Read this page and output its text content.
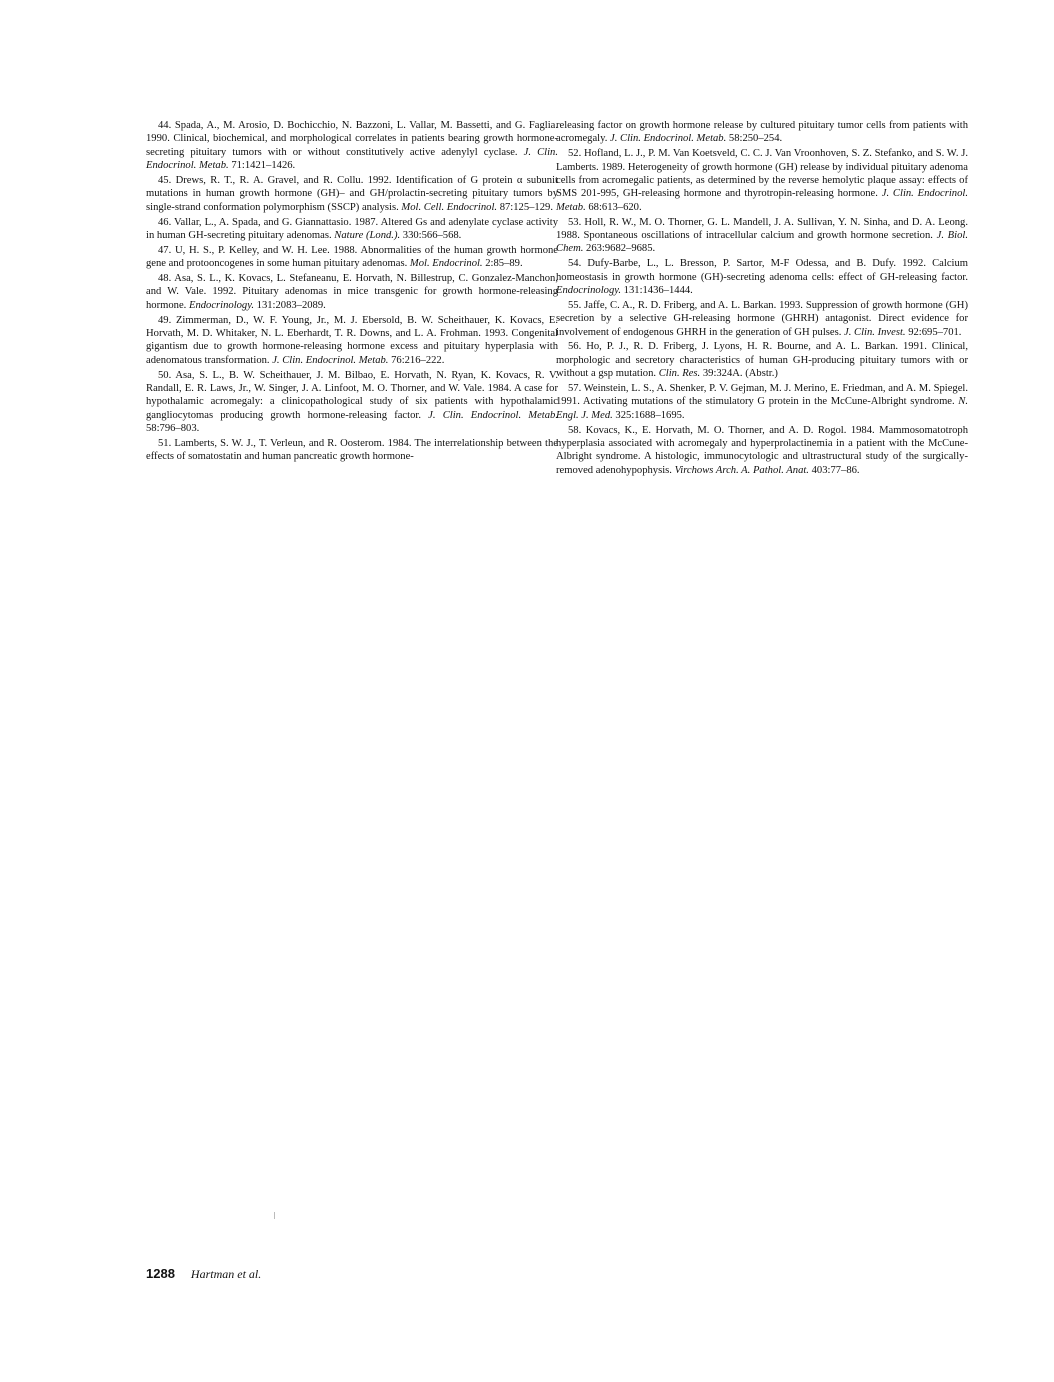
44. Spada, A., M. Arosio, D. Bochicchio, N. Bazzoni, L. Vallar, M. Bassetti, and G. Faglia. 1990. Clinical, biochemical, and morphological correlates in patients bearing growth hormone-secreting pituitary tumors with or without constitutively active adenylyl cyclase. J. Clin. Endocrinol. Metab. 71:1421–1426.

45. Drews, R. T., R. A. Gravel, and R. Collu. 1992. Identification of G protein α subunit mutations in human growth hormone (GH)– and GH/prolactin-secreting pituitary tumors by single-strand conformation polymorphism (SSCP) analysis. Mol. Cell. Endocrinol. 87:125–129.

46. Vallar, L., A. Spada, and G. Giannattasio. 1987. Altered Gs and adenylate cyclase activity in human GH-secreting pituitary adenomas. Nature (Lond.). 330:566–568.

47. U, H. S., P. Kelley, and W. H. Lee. 1988. Abnormalities of the human growth hormone gene and protooncogenes in some human pituitary adenomas. Mol. Endocrinol. 2:85–89.

48. Asa, S. L., K. Kovacs, L. Stefaneanu, E. Horvath, N. Billestrup, C. Gonzalez-Manchon, and W. Vale. 1992. Pituitary adenomas in mice transgenic for growth hormone-releasing hormone. Endocrinology. 131:2083–2089.

49. Zimmerman, D., W. F. Young, Jr., M. J. Ebersold, B. W. Scheithauer, K. Kovacs, E. Horvath, M. D. Whitaker, N. L. Eberhardt, T. R. Downs, and L. A. Frohman. 1993. Congenital gigantism due to growth hormone-releasing hormone excess and pituitary hyperplasia with adenomatous transformation. J. Clin. Endocrinol. Metab. 76:216–222.

50. Asa, S. L., B. W. Scheithauer, J. M. Bilbao, E. Horvath, N. Ryan, K. Kovacs, R. V. Randall, E. R. Laws, Jr., W. Singer, J. A. Linfoot, M. O. Thorner, and W. Vale. 1984. A case for hypothalamic acromegaly: a clinicopathological study of six patients with hypothalamic gangliocytomas producing growth hormone-releasing factor. J. Clin. Endocrinol. Metab. 58:796–803.

51. Lamberts, S. W. J., T. Verleun, and R. Oosterom. 1984. The interrelationship between the effects of somatostatin and human pancreatic growth hormone-

releasing factor on growth hormone release by cultured pituitary tumor cells from patients with acromegaly. J. Clin. Endocrinol. Metab. 58:250–254.

52. Hofland, L. J., P. M. Van Koetsveld, C. C. J. Van Vroonhoven, S. Z. Stefanko, and S. W. J. Lamberts. 1989. Heterogeneity of growth hormone (GH) release by individual pituitary adenoma cells from acromegalic patients, as determined by the reverse hemolytic plaque assay: effects of SMS 201-995, GH-releasing hormone and thyrotropin-releasing hormone. J. Clin. Endocrinol. Metab. 68:613–620.

53. Holl, R. W., M. O. Thorner, G. L. Mandell, J. A. Sullivan, Y. N. Sinha, and D. A. Leong. 1988. Spontaneous oscillations of intracellular calcium and growth hormone secretion. J. Biol. Chem. 263:9682–9685.

54. Dufy-Barbe, L., L. Bresson, P. Sartor, M-F Odessa, and B. Dufy. 1992. Calcium homeostasis in growth hormone (GH)-secreting adenoma cells: effect of GH-releasing factor. Endocrinology. 131:1436–1444.

55. Jaffe, C. A., R. D. Friberg, and A. L. Barkan. 1993. Suppression of growth hormone (GH) secretion by a selective GH-releasing hormone (GHRH) antagonist. Direct evidence for involvement of endogenous GHRH in the generation of GH pulses. J. Clin. Invest. 92:695–701.

56. Ho, P. J., R. D. Friberg, J. Lyons, H. R. Bourne, and A. L. Barkan. 1991. Clinical, morphologic and secretory characteristics of human GH-producing pituitary tumors with or without a gsp mutation. Clin. Res. 39:324A. (Abstr.)

57. Weinstein, L. S., A. Shenker, P. V. Gejman, M. J. Merino, E. Friedman, and A. M. Spiegel. 1991. Activating mutations of the stimulatory G protein in the McCune-Albright syndrome. N. Engl. J. Med. 325:1688–1695.

58. Kovacs, K., E. Horvath, M. O. Thorner, and A. D. Rogol. 1984. Mammosomatotroph hyperplasia associated with acromegaly and hyperprolactinemia in a patient with the McCune-Albright syndrome. A histologic, immunocytologic and ultrastructural study of the surgically-removed adenohypophysis. Virchows Arch. A. Pathol. Anat. 403:77–86.

1288 Hartman et al.
